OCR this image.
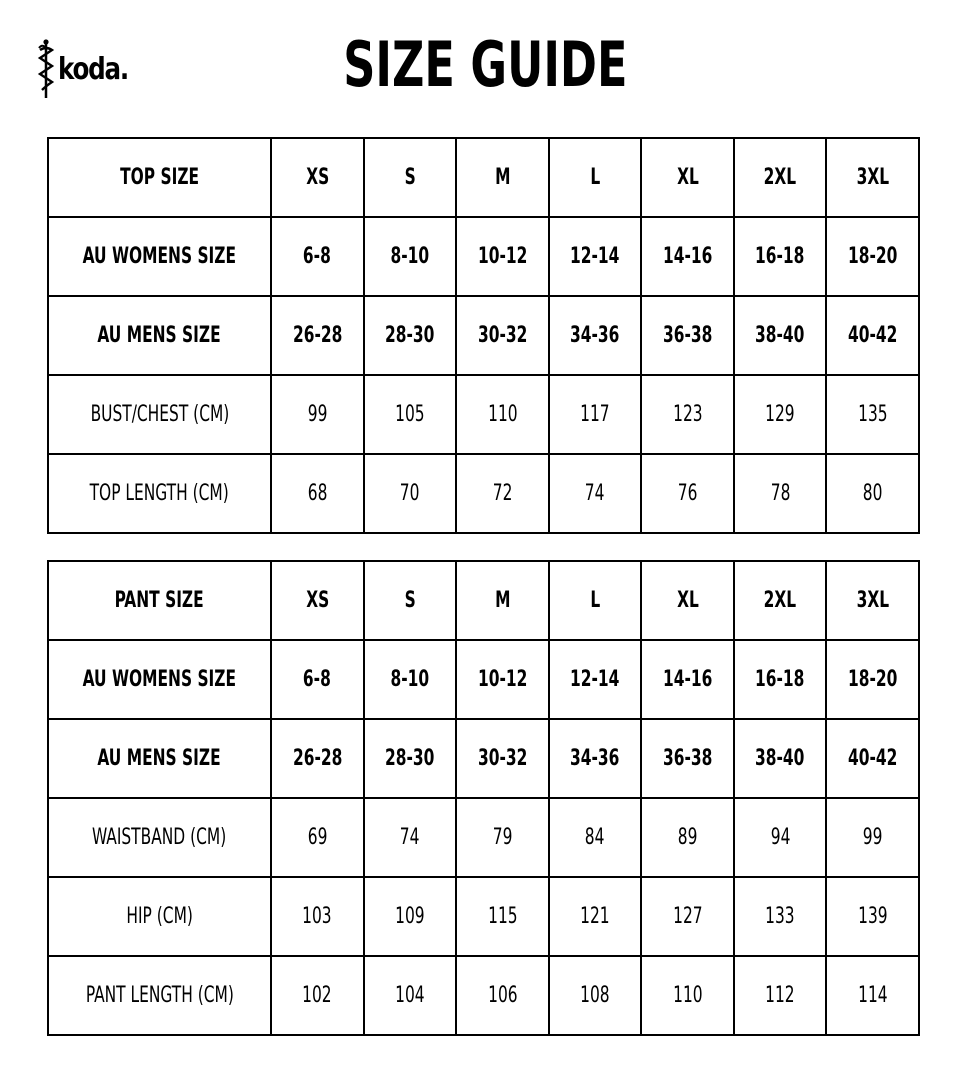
koda.	SIZE GUIDE
TOP SIZE	XS	S	M	L	XL	2XL	3XL
AU WOMENS SIZE	6-8	8-10	10-12	12-14	14-16	16-18	18-20
AU MENS SIZE	26-28	28-30	30-32	34-36	36-38	38-40	40-42
BUST/CHEST (CM)	99	105	110	117	123	129	135
TOP LENGTH (CM)	68	70	72	74	76	78	80
PANT SIZE	XS	S	M	L	XL	2XL	3XL
AU WOMENS SIZE	6-8	8-10	10-12	12-14	14-16	16-18	18-20
AU MENS SIZE	26-28	28-30	30-32	34-36	36-38	38-40	40-42
WAISTBAND (CM)	69	74	79	84	89	94	99
HIP (CM)	103	109	115	121	127	133	139
PANT LENGTH (CM)	102	104	106	108	110	112	114
